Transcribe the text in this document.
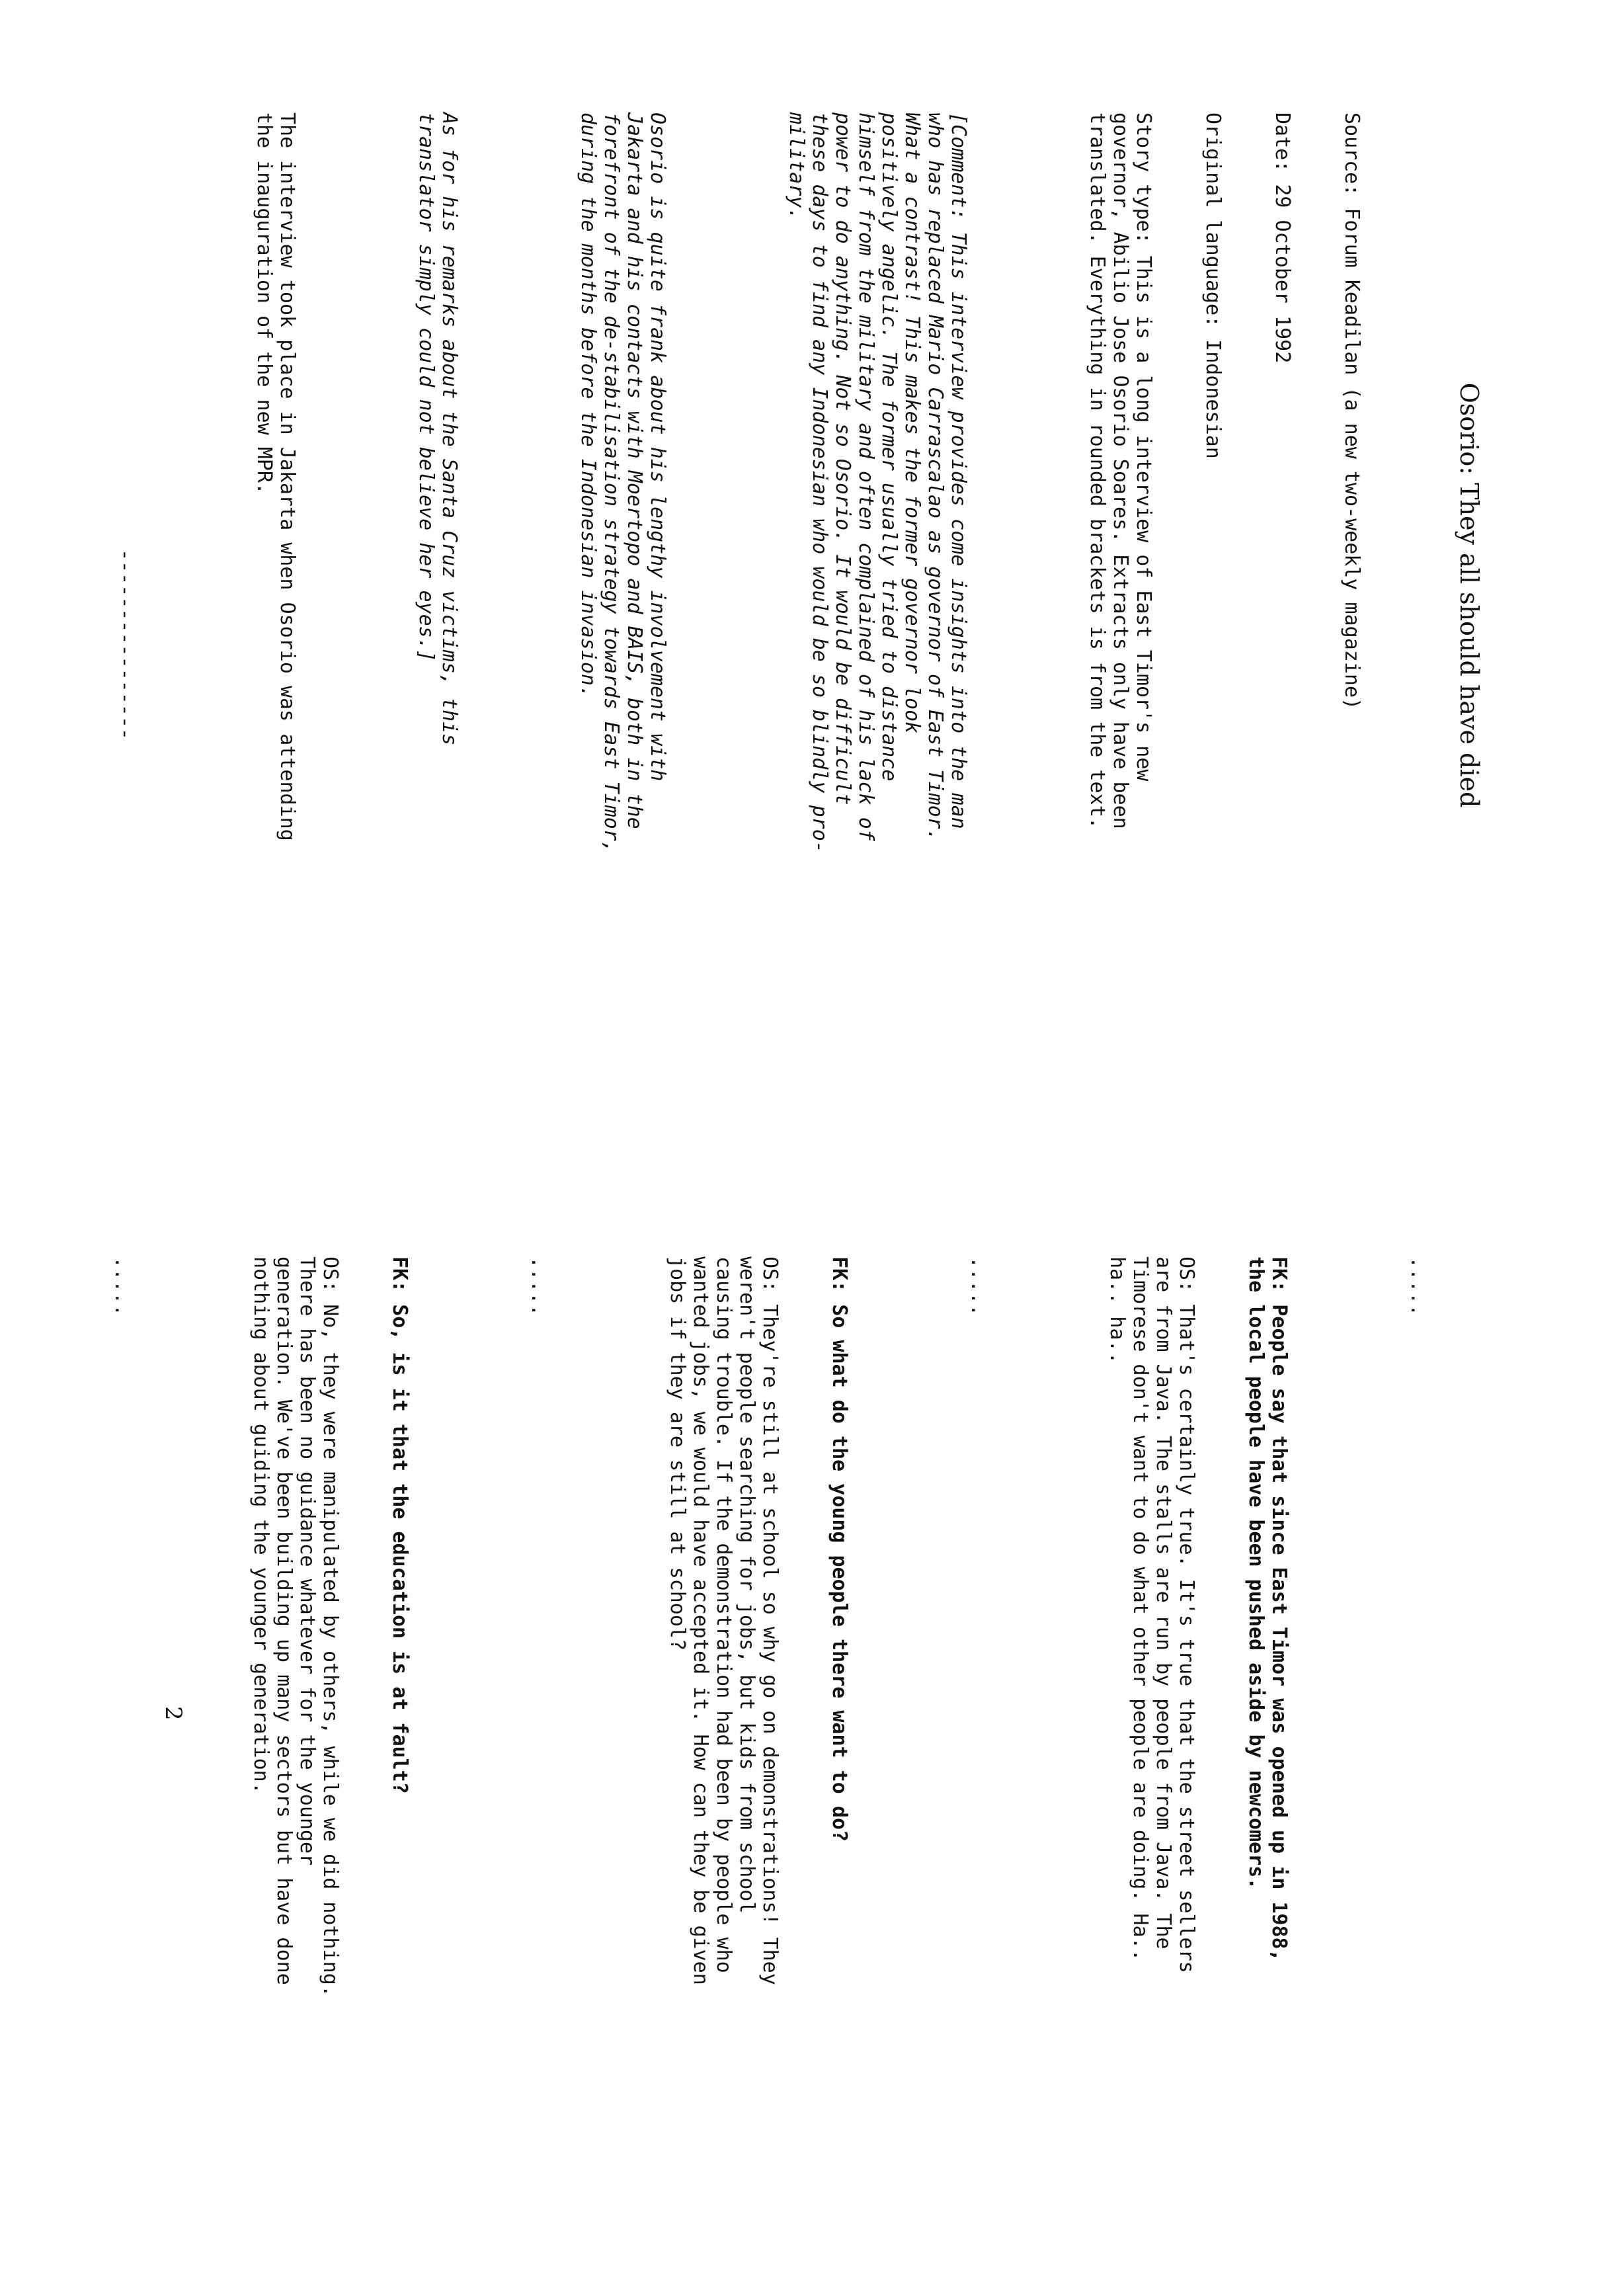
Osorio: They all should have died

Source: Forum Keadilan (a new two-weekly magazine)

Date: 29 October 1992

Original language: Indonesian

Story type: This is a long interview of East Timor's new
governor, Abilio Jose Osorio Soares. Extracts only have been
translated. Everything in rounded brackets is from the text.

[Comment: This interview provides come insights into the man
who has replaced Mario Carrascalao as governor of East Timor.
What a contrast! This makes the former governor look
positively angelic. The former usually tried to distance
himself from the military and often complained of his lack of
power to do anything. Not so Osorio. It would be difficult
these days to find any Indonesian who would be so blindly pro-
military.

Osorio is quite frank about his lengthy involvement with
Jakarta and his contacts with Moertopo and BAIS, both in the
forefront of the de-stabilisation strategy towards East Timor,
during the months before the Indonesian invasion.

As for his remarks about the Santa Cruz victims, this
translator simply could not believe her eyes.]

The interview took place in Jakarta when Osorio was attending
the inauguration of the new MPR.

----------------

.....

FK: People say that since East Timor was opened up in 1988,
the local people have been pushed aside by newcomers.

OS: That's certainly true. It's true that the street sellers
are from Java. The stalls are run by people from Java. The
Timorese don't want to do what other people are doing. Ha..
ha.. ha..

.....

FK: So what do the young people there want to do?

OS: They're still at school so why go on demonstrations! They
weren't people searching for jobs, but kids from school
causing trouble. If the demonstration had been by people who
wanted jobs, we would have accepted it. How can they be given
jobs if they are still at school?

.....

FK: So, is it that the education is at fault?

OS: No, they were manipulated by others, while we did nothing.
There has been no guidance whatever for the younger
generation. We've been building up many sectors but have done
nothing about guiding the younger generation.

.....

2
